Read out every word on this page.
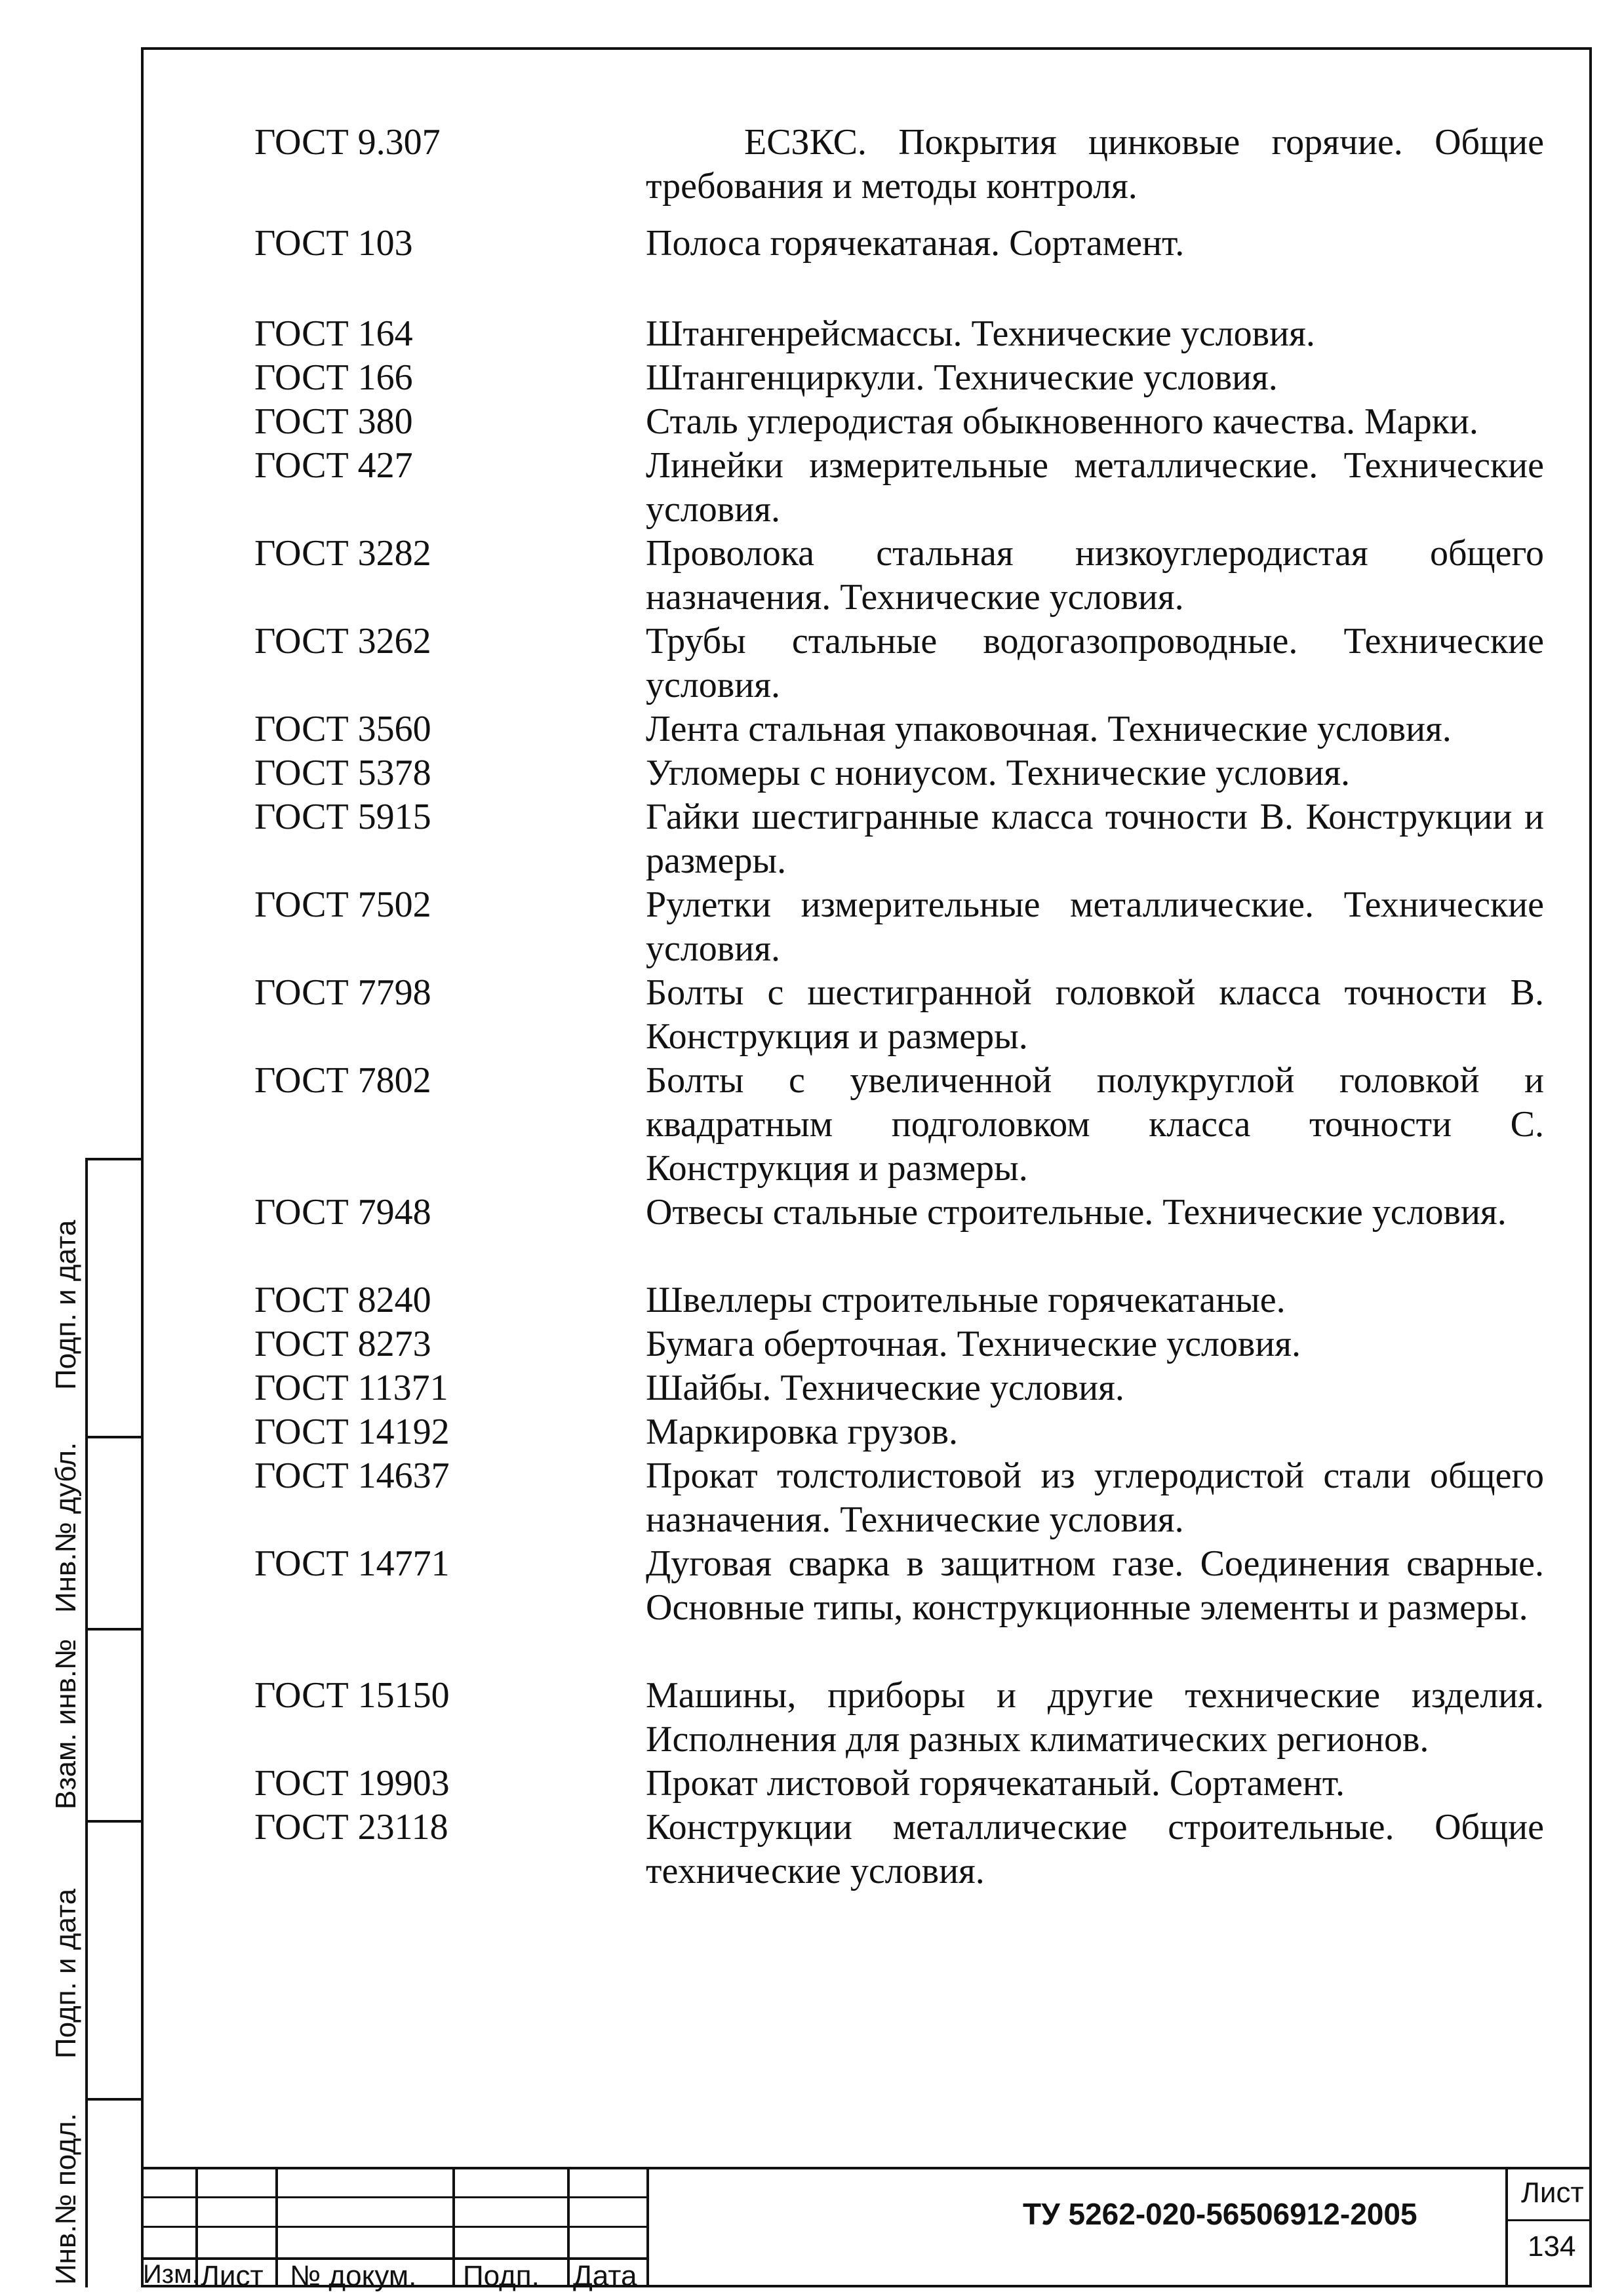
ГОСТ 9.307	ЕСЗКС. Покрытия цинковые горячие. Общие требования и методы контроля.
ГОСТ 103	Полоса горячекатаная. Сортамент.
ГОСТ 164	Штангенрейсмассы. Технические условия.
ГОСТ 166	Штангенциркули. Технические условия.
ГОСТ 380	Сталь углеродистая обыкновенного качества. Марки.
ГОСТ 427	Линейки измерительные металлические. Технические условия.
ГОСТ 3282	Проволока стальная низкоуглеродистая общего назначения. Технические условия.
ГОСТ 3262	Трубы стальные водогазопроводные. Технические условия.
ГОСТ 3560	Лента стальная упаковочная. Технические условия.
ГОСТ 5378	Угломеры с нониусом. Технические условия.
ГОСТ 5915	Гайки шестигранные класса точности В. Конструкции и размеры.
ГОСТ 7502	Рулетки измерительные металлические. Технические условия.
ГОСТ 7798	Болты с шестигранной головкой класса точности В. Конструкция и размеры.
ГОСТ 7802	Болты с увеличенной полукруглой головкой и квадратным подголовком класса точности С. Конструкция и размеры.
ГОСТ 7948	Отвесы стальные строительные. Технические условия.
ГОСТ 8240	Швеллеры строительные горячекатаные.
ГОСТ 8273	Бумага оберточная. Технические условия.
ГОСТ 11371	Шайбы. Технические условия.
ГОСТ 14192	Маркировка грузов.
ГОСТ 14637	Прокат толстолистовой из углеродистой стали общего назначения. Технические условия.
ГОСТ 14771	Дуговая сварка в защитном газе. Соединения сварные. Основные типы, конструкционные элементы и размеры.
ГОСТ 15150	Машины, приборы и другие технические изделия. Исполнения для разных климатических регионов.
ГОСТ 19903	Прокат листовой горячекатаный. Сортамент.
ГОСТ 23118	Конструкции металлические строительные. Общие технические условия.
Подп. и дата
Инв.№ дубл.
Взам. инв.№
Подп. и дата
Инв.№ подл. Изм. Лист № докум. Подп. Дата
ТУ 5262-020-56506912-2005
Лист
134
